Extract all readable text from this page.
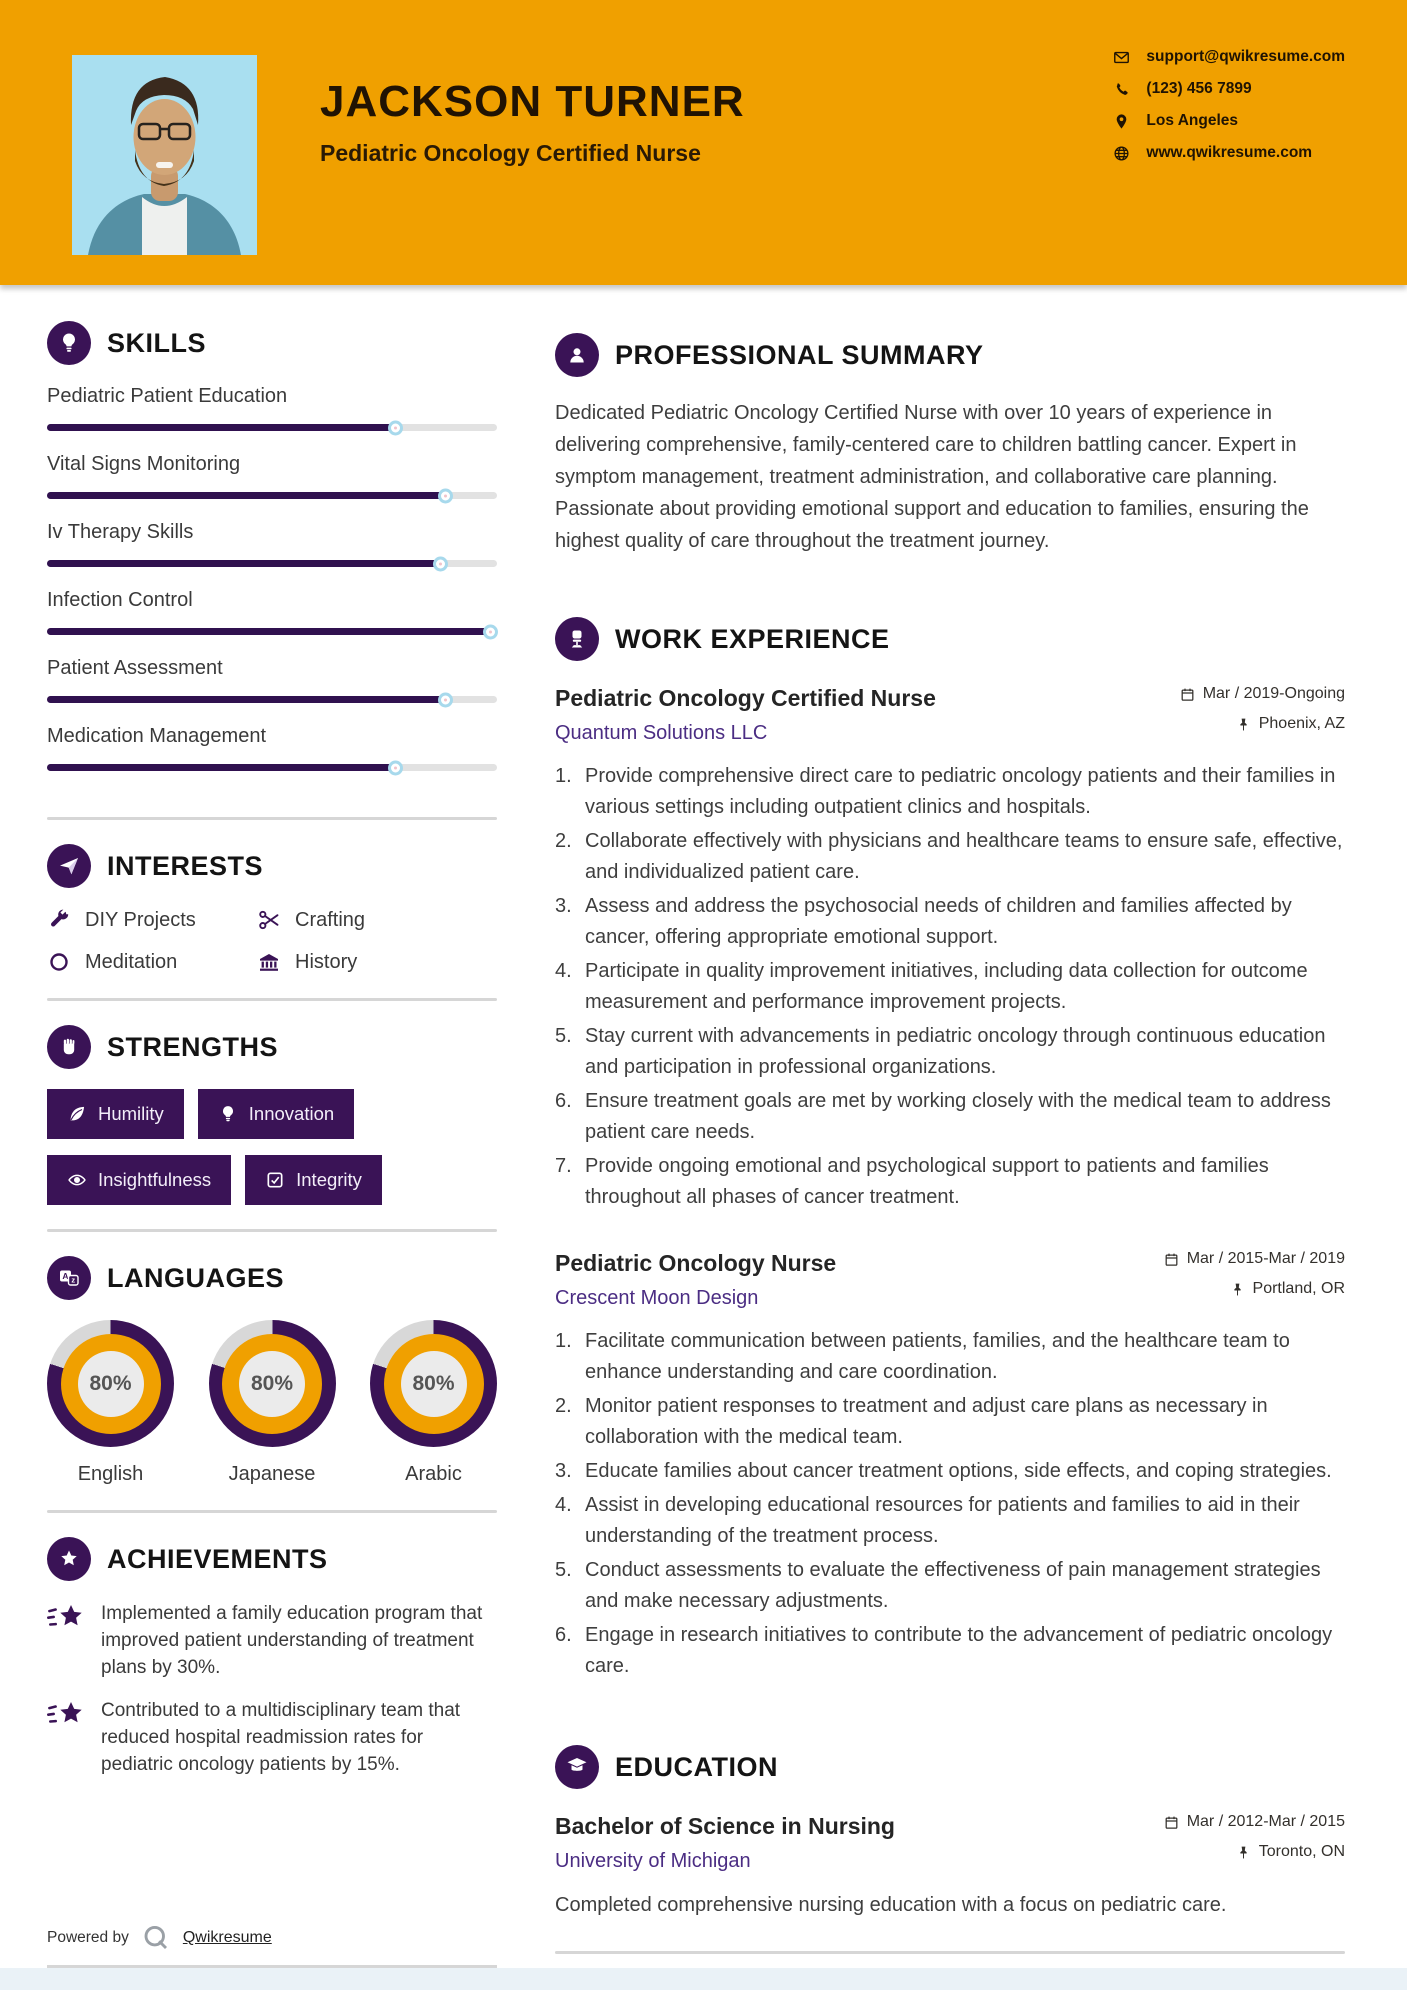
JACKSON TURNER
Pediatric Oncology Certified Nurse
support@qwikresume.com
(123) 456 7899
Los Angeles
www.qwikresume.com
SKILLS
Pediatric Patient Education
Vital Signs Monitoring
Iv Therapy Skills
Infection Control
Patient Assessment
Medication Management
INTERESTS
DIY Projects	Crafting
Meditation	History
STRENGTHS
Humility	Innovation
Insightfulness	Integrity
A z LANGUAGES
80%
English
80%
Japanese
80%
Arabic
ACHIEVEMENTS
Implemented a family education program that improved patient understanding of treatment plans by 30%.
Contributed to a multidisciplinary team that reduced hospital readmission rates for pediatric oncology patients by 15%.
Powered by	Qwikresume
PROFESSIONAL SUMMARY
Dedicated Pediatric Oncology Certified Nurse with over 10 years of experience in delivering comprehensive, family-centered care to children battling cancer. Expert in symptom management, treatment administration, and collaborative care planning. Passionate about providing emotional support and education to families, ensuring the highest quality of care throughout the treatment journey.
WORK EXPERIENCE
Pediatric Oncology Certified Nurse
Quantum Solutions LLC
Mar / 2019-Ongoing
Phoenix, AZ
Provide comprehensive direct care to pediatric oncology patients and their families in various settings including outpatient clinics and hospitals.
Collaborate effectively with physicians and healthcare teams to ensure safe, effective, and individualized patient care.
Assess and address the psychosocial needs of children and families affected by cancer, offering appropriate emotional support.
Participate in quality improvement initiatives, including data collection for outcome measurement and performance improvement projects.
Stay current with advancements in pediatric oncology through continuous education and participation in professional organizations.
Ensure treatment goals are met by working closely with the medical team to address patient care needs.
Provide ongoing emotional and psychological support to patients and families throughout all phases of cancer treatment.
Pediatric Oncology Nurse
Crescent Moon Design
Mar / 2015-Mar / 2019
Portland, OR
Facilitate communication between patients, families, and the healthcare team to enhance understanding and care coordination.
Monitor patient responses to treatment and adjust care plans as necessary in collaboration with the medical team.
Educate families about cancer treatment options, side effects, and coping strategies.
Assist in developing educational resources for patients and families to aid in their understanding of the treatment process.
Conduct assessments to evaluate the effectiveness of pain management strategies and make necessary adjustments.
Engage in research initiatives to contribute to the advancement of pediatric oncology care.
EDUCATION
Bachelor of Science in Nursing
University of Michigan
Mar / 2012-Mar / 2015
Toronto, ON
Completed comprehensive nursing education with a focus on pediatric care.
